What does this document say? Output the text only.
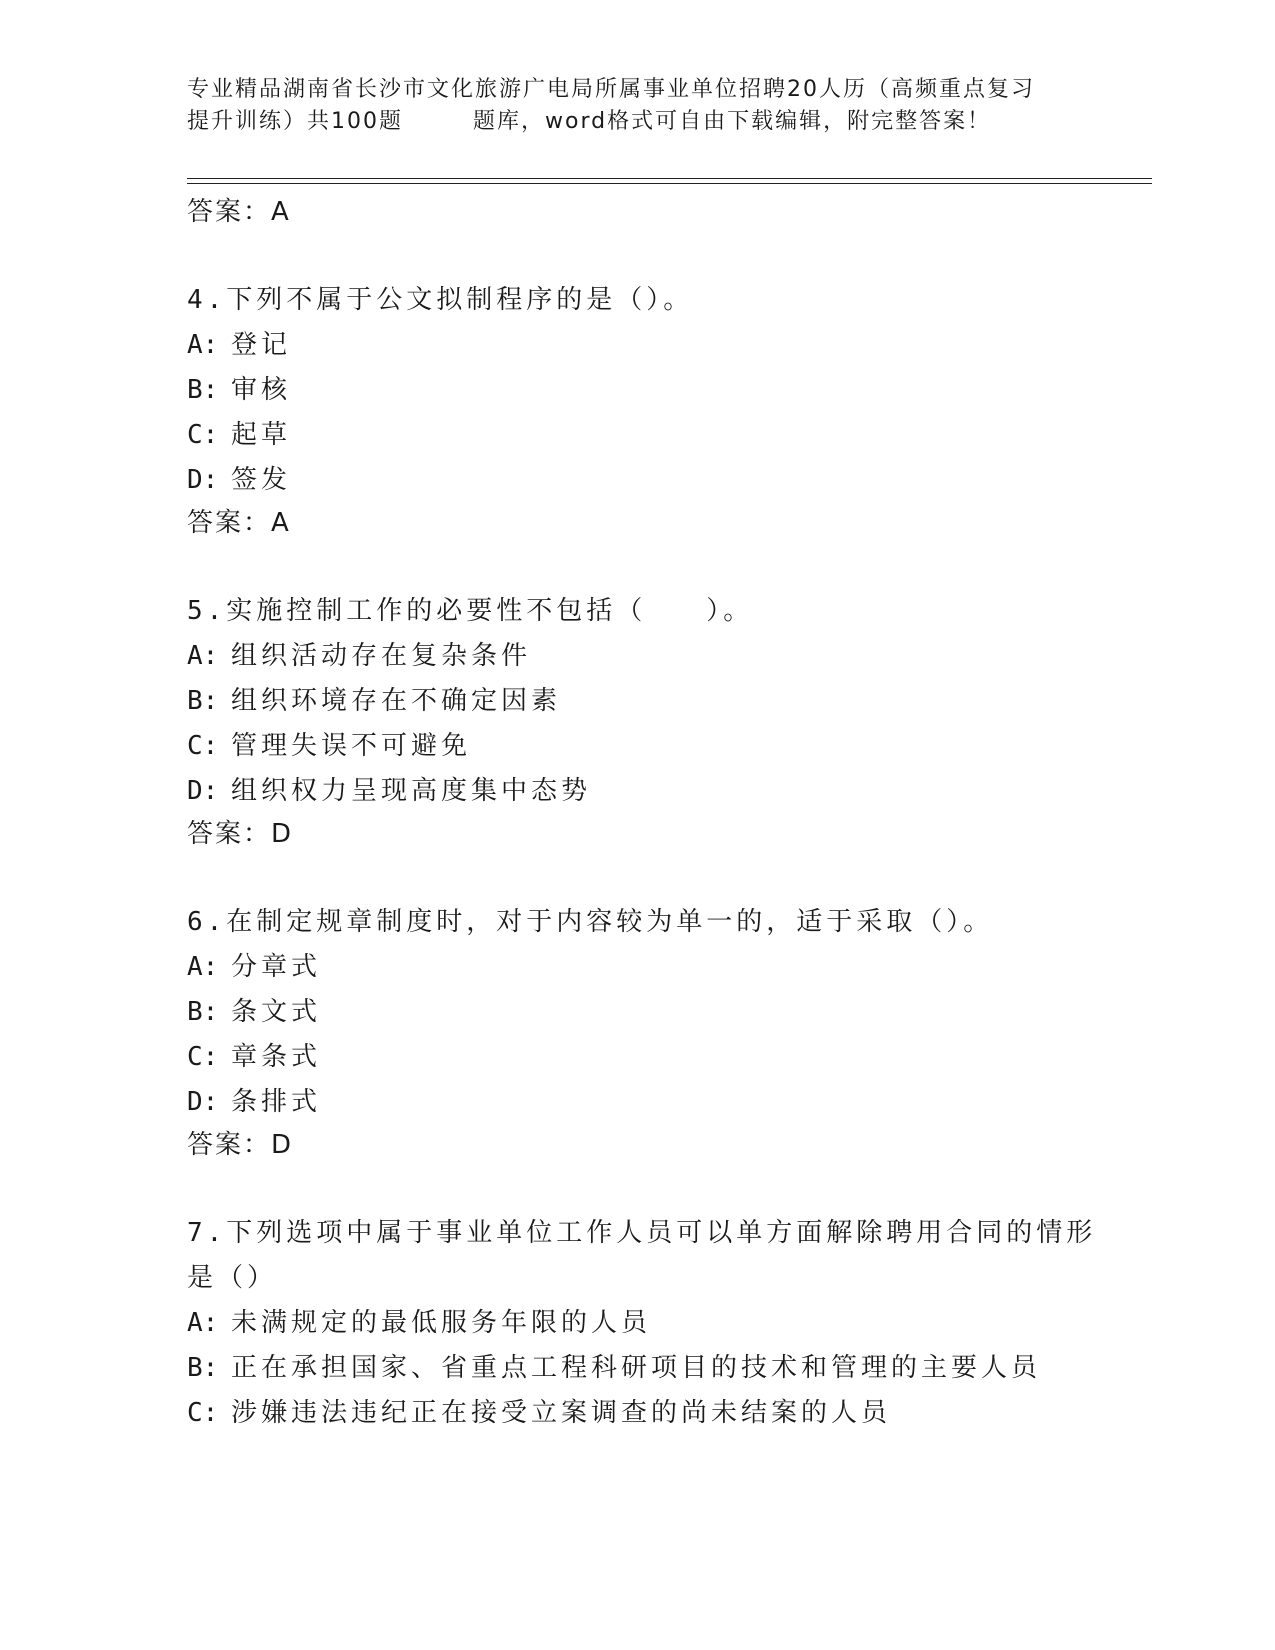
专业精品湖南省长沙市文化旅游广电局所属事业单位招聘20人历（高频重点复习
提升训练）共100题	题库，word格式可自由下载编辑，附完整答案！
答案：A
4.下列不属于公文拟制程序的是（）。
A: 登记
B: 审核
C: 起草
D: 签发
答案：A
5.实施控制工作的必要性不包括（　　）。
A: 组织活动存在复杂条件
B: 组织环境存在不确定因素
C: 管理失误不可避免
D: 组织权力呈现高度集中态势
答案：D
6.在制定规章制度时，对于内容较为单一的，适于采取（）。
A: 分章式
B: 条文式
C: 章条式
D: 条排式
答案：D
7.下列选项中属于事业单位工作人员可以单方面解除聘用合同的情形
是（）
A: 未满规定的最低服务年限的人员
B: 正在承担国家、省重点工程科研项目的技术和管理的主要人员
C: 涉嫌违法违纪正在接受立案调查的尚未结案的人员
